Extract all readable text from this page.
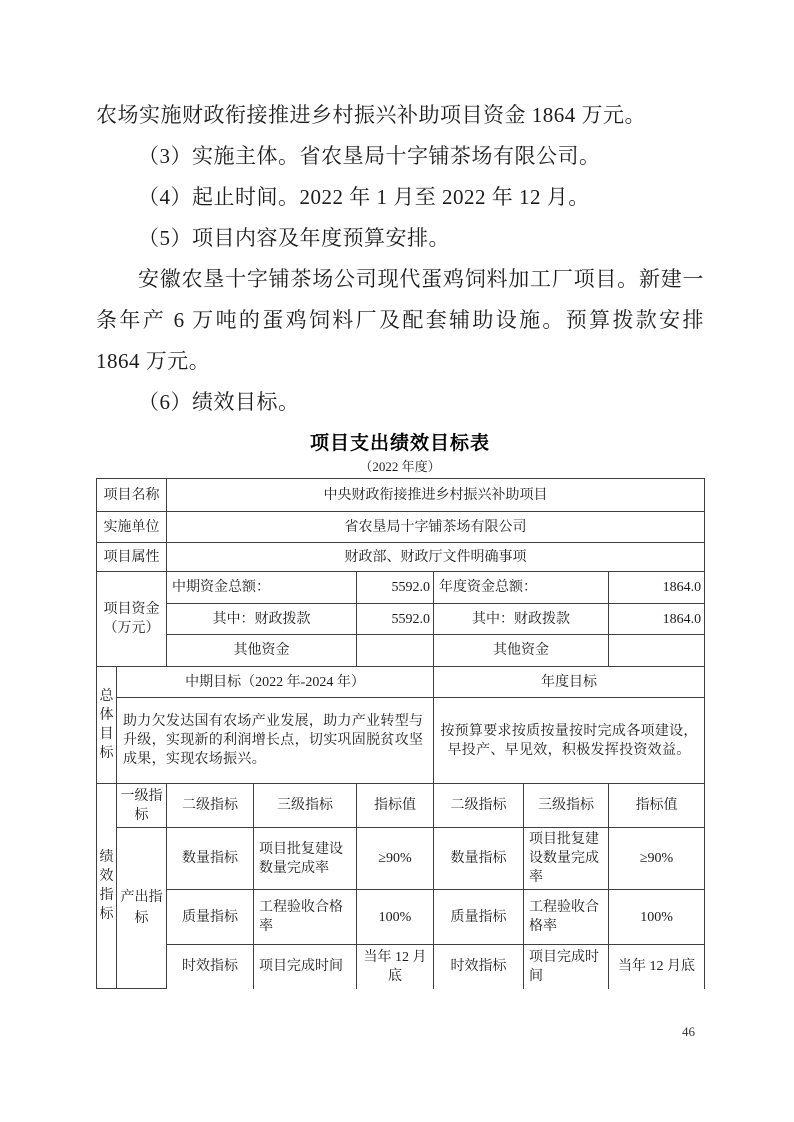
农场实施财政衔接推进乡村振兴补助项目资金 1864 万元。

（3）实施主体。省农垦局十字铺茶场有限公司。

（4）起止时间。2022 年 1 月至 2022 年 12 月。

（5）项目内容及年度预算安排。

安徽农垦十字铺茶场公司现代蛋鸡饲料加工厂项目。新建一条年产 6 万吨的蛋鸡饲料厂及配套辅助设施。预算拨款安排 1864 万元。

（6）绩效目标。

项目支出绩效目标表
（2022 年度）
项目名称		中央财政衔接推进乡村振兴补助项目					
实施单位		省农垦局十字铺茶场有限公司					
项目属性		财政部、财政厅文件明确事项					
项目资金（万元）		中期资金总额：		5592.0	年度资金总额：		1864.0
		其中：财政拨款		5592.0	其中：财政拨款		1864.0
		其他资金			其他资金		
总体目标	中期目标（2022 年-2024 年）				年度目标		
	助力欠发达国有农场产业发展，助力产业转型与升级，实现新的利润增长点，切实巩固脱贫攻坚成果，实现农场振兴。				按预算要求按质按量按时完成各项建设，早投产、早见效，积极发挥投资效益。		
绩效指标	一级指标	二级指标	三级指标	指标值	二级指标	三级指标	指标值
	产出指标	数量指标	项目批复建设数量完成率	≥90%	数量指标	项目批复建设数量完成率	≥90%
		质量指标	工程验收合格率	100%	质量指标	工程验收合格率	100%
		时效指标	项目完成时间	当年 12 月底	时效指标	项目完成时间	当年 12 月底
46
